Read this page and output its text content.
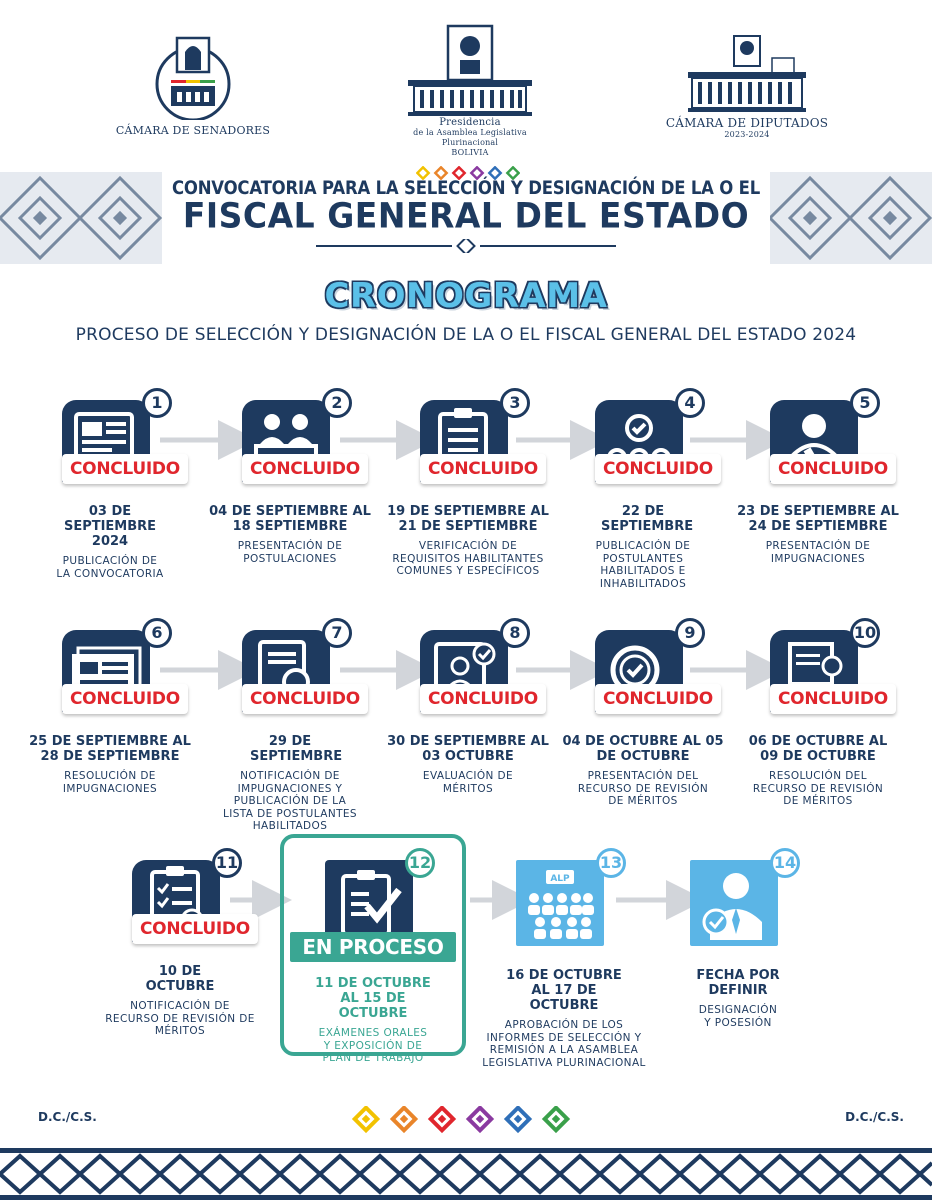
CÁMARA DE SENADORES
Presidencia
de la Asamblea Legislativa Plurinacional
BOLIVIA
CÁMARA DE DIPUTADOS
2023-2024
CONVOCATORIA PARA LA SELECCIÓN Y DESIGNACIÓN DE LA O EL
FISCAL GENERAL DEL ESTADO
CRONOGRAMA
PROCESO DE SELECCIÓN Y DESIGNACIÓN DE LA O EL FISCAL GENERAL DEL ESTADO 2024
1
CONCLUIDO
03 DE SEPTIEMBRE 2024
PUBLICACIÓN DE LA CONVOCATORIA
2
CONCLUIDO
04 DE SEPTIEMBRE AL 18 SEPTIEMBRE
PRESENTACIÓN DE POSTULACIONES
3
CONCLUIDO
19 DE SEPTIEMBRE AL 21 DE SEPTIEMBRE
VERIFICACIÓN DE REQUISITOS HABILITANTES COMUNES Y ESPECÍFICOS
4
CONCLUIDO
22 DE SEPTIEMBRE
PUBLICACIÓN DE POSTULANTES HABILITADOS E INHABILITADOS
5
CONCLUIDO
23 DE SEPTIEMBRE AL 24 DE SEPTIEMBRE
PRESENTACIÓN DE IMPUGNACIONES
6
CONCLUIDO
25 DE SEPTIEMBRE AL 28 DE SEPTIEMBRE
RESOLUCIÓN DE IMPUGNACIONES
7
CONCLUIDO
29 DE SEPTIEMBRE
NOTIFICACIÓN DE IMPUGNACIONES Y PUBLICACIÓN DE LA LISTA DE POSTULANTES HABILITADOS
8
CONCLUIDO
30 DE SEPTIEMBRE AL 03 OCTUBRE
EVALUACIÓN DE MÉRITOS
9
CONCLUIDO
04 DE OCTUBRE AL 05 DE OCTUBRE
PRESENTACIÓN DEL RECURSO DE REVISIÓN DE MÉRITOS
10
CONCLUIDO
06 DE OCTUBRE AL 09 DE OCTUBRE
RESOLUCIÓN DEL RECURSO DE REVISIÓN DE MÉRITOS
11
CONCLUIDO
10 DE OCTUBRE
NOTIFICACIÓN DE RECURSO DE REVISIÓN DE MÉRITOS
12
11 DE OCTUBRE AL 15 DE OCTUBRE
EXÁMENES ORALES Y EXPOSICIÓN DE PLAN DE TRABAJO
EN PROCESO
ALP
13
16 DE OCTUBRE AL 17 DE OCTUBRE
APROBACIÓN DE LOS INFORMES DE SELECCIÓN Y REMISIÓN A LA ASAMBLEA LEGISLATIVA PLURINACIONAL
14
FECHA POR DEFINIR
DESIGNACIÓN Y POSESIÓN
D.C./C.S.	D.C./C.S.
